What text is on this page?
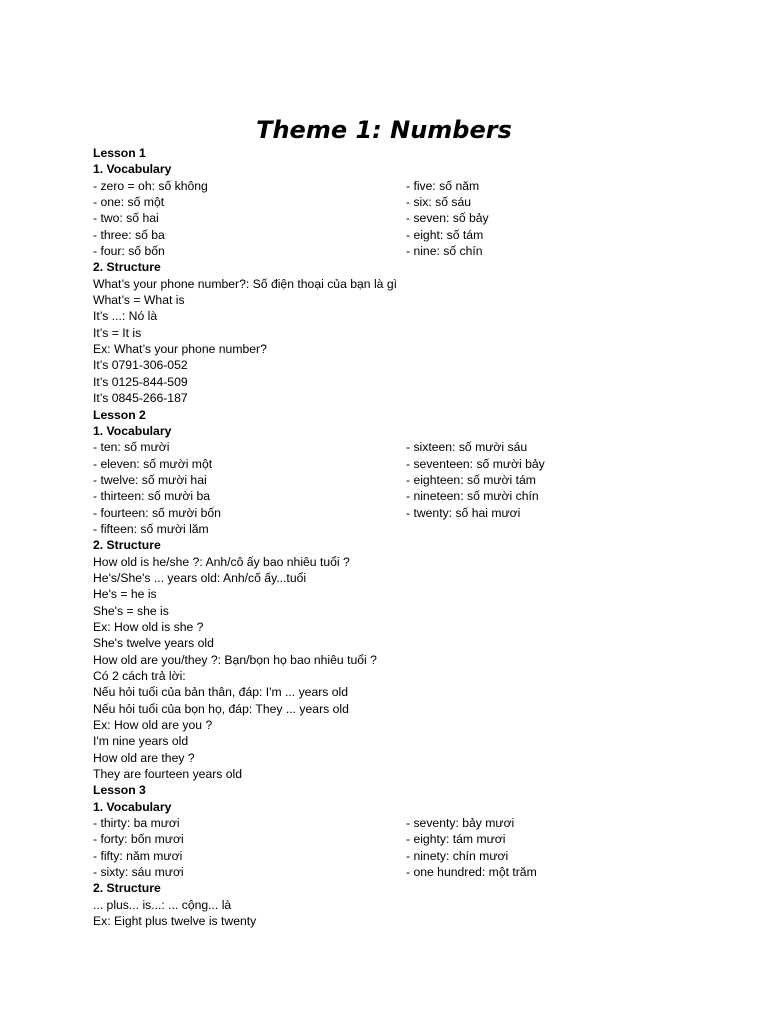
Theme 1: Numbers
Lesson 1
1. Vocabulary
- zero = oh: số không	- five: số năm
- one: số một	- six: số sáu
- two: số hai	- seven: số bảy
- three: số ba	- eight: số tám
- four: số bốn	- nine: số chín
2. Structure
What’s your phone number?: Số điện thoại của bạn là gì
What’s = What is
It’s ...: Nó là
It’s = It is
Ex: What’s your phone number?
It’s 0791-306-052
It’s 0125-844-509
It’s 0845-266-187
Lesson 2
1. Vocabulary
- ten: số mười	- sixteen: số mười sáu
- eleven: số mười một	- seventeen: số mười bảy
- twelve: số mười hai	- eighteen: số mười tám
- thirteen: số mười ba	- nineteen: số mười chín
- fourteen: số mười bốn	- twenty: số hai mươi
- fifteen: số mười lăm
2. Structure
How old is he/she ?: Anh/cô ấy bao nhiêu tuổi ?
He's/She's ... years old: Anh/cố ấy...tuổi
He's = he is
She's = she is
Ex: How old is she ?
She's twelve years old
How old are you/they ?: Bạn/bọn họ bao nhiêu tuổi ?
Có 2 cách trả lời:
Nếu hỏi tuổi của bản thân, đáp: I'm ... years old
Nếu hỏi tuổi của bọn họ, đáp: They ... years old
Ex: How old are you ?
I'm nine years old
How old are they ?
They are fourteen years old
Lesson 3
1. Vocabulary
- thirty: ba mươi	- seventy: bảy mươi
- forty: bốn mươi	- eighty: tám mươi
- fifty: năm mươi	- ninety: chín mươi
- sixty: sáu mươi	- one hundred: một trăm
2. Structure
... plus... is...: ... cộng... là
Ex: Eight plus twelve is twenty
